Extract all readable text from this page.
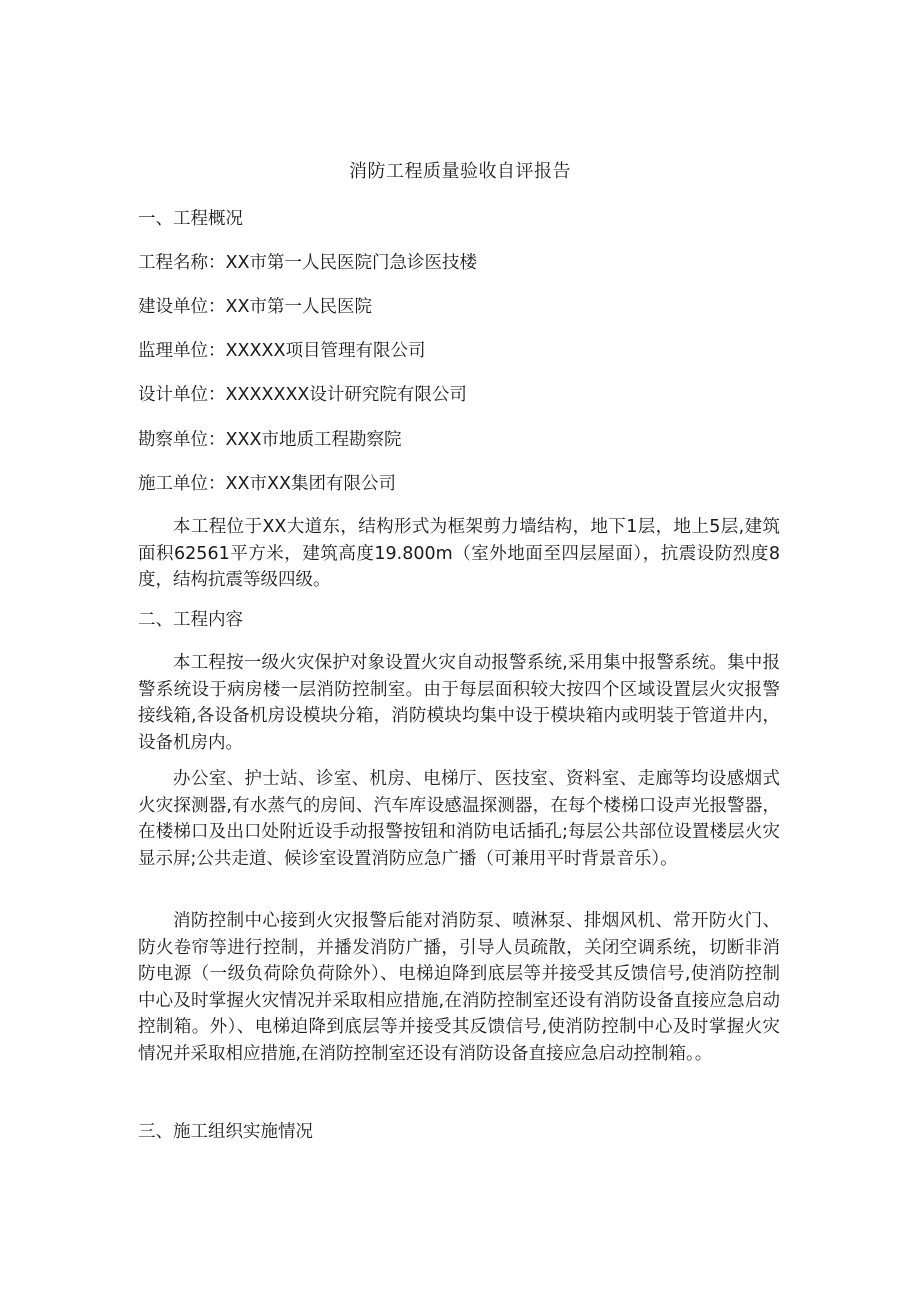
消防工程质量验收自评报告
一、工程概况
工程名称：XX市第一人民医院门急诊医技楼
建设单位：XX市第一人民医院
监理单位：XXXXX项目管理有限公司
设计单位：XXXXXXX设计研究院有限公司
勘察单位：XXX市地质工程勘察院
施工单位：XX市XX集团有限公司
本工程位于XX大道东，结构形式为框架剪力墙结构，地下1层，地上5层,建筑面积62561平方米，建筑高度19.800m（室外地面至四层屋面），抗震设防烈度8度，结构抗震等级四级。
二、工程内容
本工程按一级火灾保护对象设置火灾自动报警系统,采用集中报警系统。集中报警系统设于病房楼一层消防控制室。由于每层面积较大按四个区域设置层火灾报警接线箱,各设备机房设模块分箱，消防模块均集中设于模块箱内或明装于管道井内，设备机房内。
办公室、护士站、诊室、机房、电梯厅、医技室、资料室、走廊等均设感烟式火灾探测器,有水蒸气的房间、汽车库设感温探测器，在每个楼梯口设声光报警器，在楼梯口及出口处附近设手动报警按钮和消防电话插孔;每层公共部位设置楼层火灾显示屏;公共走道、候诊室设置消防应急广播（可兼用平时背景音乐）。
消防控制中心接到火灾报警后能对消防泵、喷淋泵、排烟风机、常开防火门、防火卷帘等进行控制，并播发消防广播，引导人员疏散，关闭空调系统，切断非消防电源（一级负荷除负荷除外）、电梯迫降到底层等并接受其反馈信号,使消防控制中心及时掌握火灾情况并采取相应措施,在消防控制室还设有消防设备直接应急启动控制箱。外）、电梯迫降到底层等并接受其反馈信号,使消防控制中心及时掌握火灾情况并采取相应措施,在消防控制室还设有消防设备直接应急启动控制箱。。
三、施工组织实施情况
